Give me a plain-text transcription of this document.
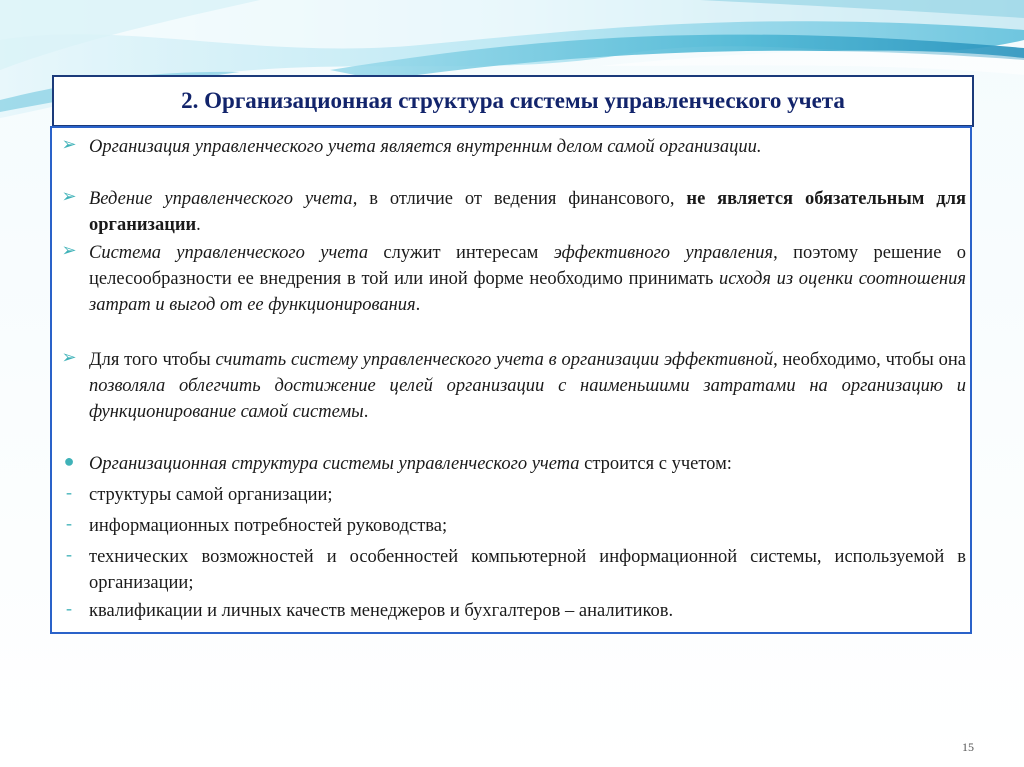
2. Организационная структура системы управленческого учета
➢ Организация управленческого учета является внутренним делом самой организации.
➢ Ведение управленческого учета, в отличие от ведения финансового, не является обязательным для организации.
➢ Система управленческого учета служит интересам эффективного управления, поэтому решение о целесообразности ее внедрения в той или иной форме необходимо принимать исходя из оценки соотношения затрат и выгод от ее функционирования.
➢ Для того чтобы считать систему управленческого учета в организации эффективной, необходимо, чтобы она позволяла облегчить достижение целей организации с наименьшими затратами на организацию и функционирование самой системы.
● Организационная структура системы управленческого учета строится с учетом:
- структуры самой организации;
- информационных потребностей руководства;
- технических возможностей и особенностей компьютерной информационной системы, используемой в организации;
- квалификации и личных качеств менеджеров и бухгалтеров – аналитиков.
15
